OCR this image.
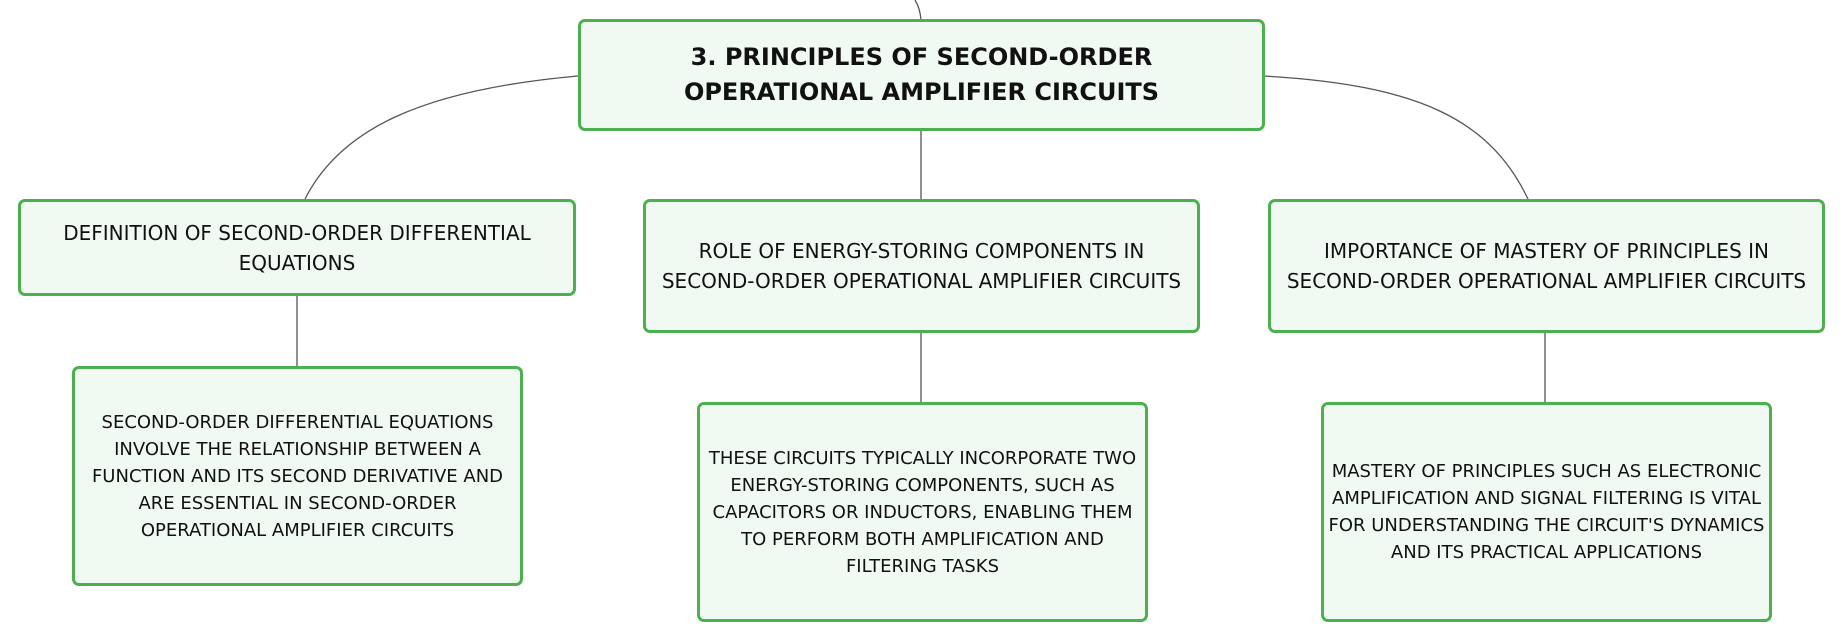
3. PRINCIPLES OF SECOND-ORDER OPERATIONAL AMPLIFIER CIRCUITS
DEFINITION OF SECOND-ORDER DIFFERENTIAL EQUATIONS	ROLE OF ENERGY-STORING COMPONENTS IN SECOND-ORDER OPERATIONAL AMPLIFIER CIRCUITS
IMPORTANCE OF MASTERY OF PRINCIPLES IN SECOND-ORDER OPERATIONAL AMPLIFIER CIRCUITS
SECOND-ORDER DIFFERENTIAL EQUATIONS INVOLVE THE RELATIONSHIP BETWEEN A FUNCTION AND ITS SECOND DERIVATIVE AND ARE ESSENTIAL IN SECOND-ORDER OPERATIONAL AMPLIFIER CIRCUITS
THESE CIRCUITS TYPICALLY INCORPORATE TWO ENERGY-STORING COMPONENTS, SUCH AS CAPACITORS OR INDUCTORS, ENABLING THEM TO PERFORM BOTH AMPLIFICATION AND FILTERING TASKS
MASTERY OF PRINCIPLES SUCH AS ELECTRONIC AMPLIFICATION AND SIGNAL FILTERING IS VITAL FOR UNDERSTANDING THE CIRCUIT'S DYNAMICS AND ITS PRACTICAL APPLICATIONS
